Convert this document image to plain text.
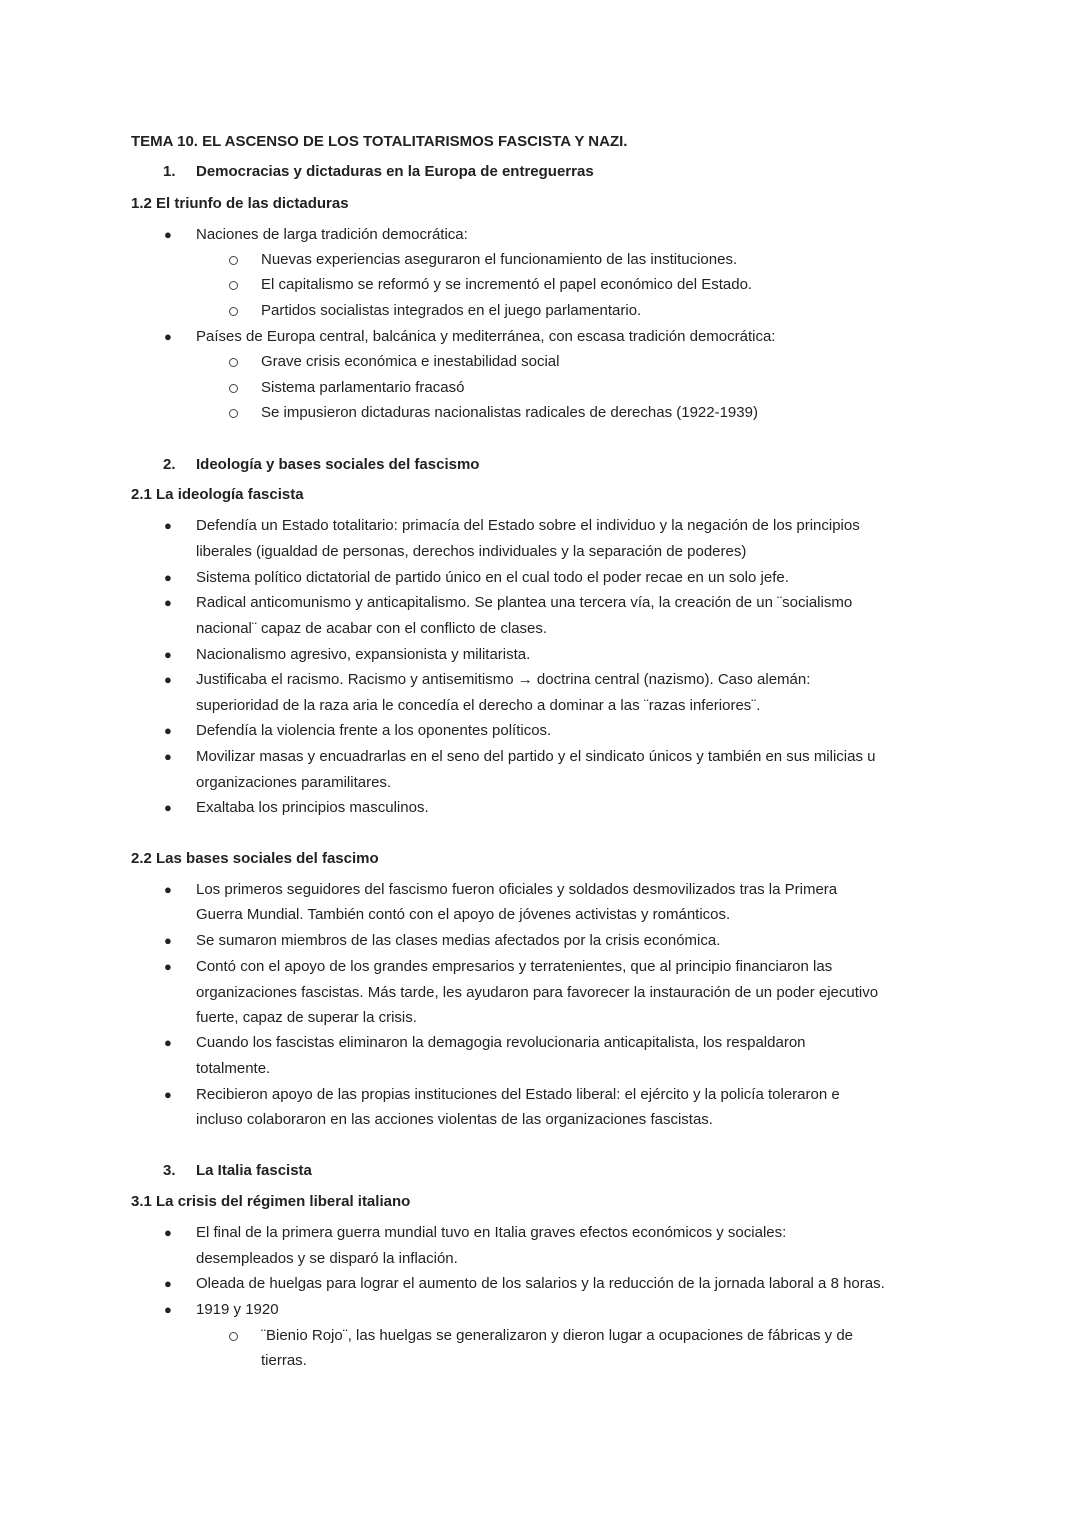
TEMA 10. EL ASCENSO DE LOS TOTALITARISMOS FASCISTA Y NAZI.
1. Democracias y dictaduras en la Europa de entreguerras
1.2 El triunfo de las dictaduras
● Naciones de larga tradición democrática:
Nuevas experiencias aseguraron el funcionamiento de las instituciones.
El capitalismo se reformó y se incrementó el papel económico del Estado.
Partidos socialistas integrados en el juego parlamentario.
● Países de Europa central, balcánica y mediterránea, con escasa tradición democrática:
Grave crisis económica e inestabilidad social
Sistema parlamentario fracasó
Se impusieron dictaduras nacionalistas radicales de derechas (1922-1939)
2. Ideología y bases sociales del fascismo
2.1 La ideología fascista
● Defendía un Estado totalitario: primacía del Estado sobre el individuo y la negación de los principios
liberales (igualdad de personas, derechos individuales y la separación de poderes)
● Sistema político dictatorial de partido único en el cual todo el poder recae en un solo jefe.
● Radical anticomunismo y anticapitalismo. Se plantea una tercera vía, la creación de un ¨socialismo
nacional¨ capaz de acabar con el conflicto de clases.
● Nacionalismo agresivo, expansionista y militarista.
● Justificaba el racismo. Racismo y antisemitismo → doctrina central (nazismo). Caso alemán:
superioridad de la raza aria le concedía el derecho a dominar a las ¨razas inferiores¨.
● Defendía la violencia frente a los oponentes políticos.
● Movilizar masas y encuadrarlas en el seno del partido y el sindicato únicos y también en sus milicias u
organizaciones paramilitares.
● Exaltaba los principios masculinos.
2.2 Las bases sociales del fascimo
● Los primeros seguidores del fascismo fueron oficiales y soldados desmovilizados tras la Primera
Guerra Mundial. También contó con el apoyo de jóvenes activistas y románticos.
● Se sumaron miembros de las clases medias afectados por la crisis económica.
● Contó con el apoyo de los grandes empresarios y terratenientes, que al principio financiaron las
organizaciones fascistas. Más tarde, les ayudaron para favorecer la instauración de un poder ejecutivo
fuerte, capaz de superar la crisis.
● Cuando los fascistas eliminaron la demagogia revolucionaria anticapitalista, los respaldaron
totalmente.
● Recibieron apoyo de las propias instituciones del Estado liberal: el ejército y la policía toleraron e
incluso colaboraron en las acciones violentas de las organizaciones fascistas.
3. La Italia fascista
3.1 La crisis del régimen liberal italiano
● El final de la primera guerra mundial tuvo en Italia graves efectos económicos y sociales:
desempleados y se disparó la inflación.
● Oleada de huelgas para lograr el aumento de los salarios y la reducción de la jornada laboral a 8 horas.
● 1919 y 1920
¨Bienio Rojo¨, las huelgas se generalizaron y dieron lugar a ocupaciones de fábricas y de
tierras.
